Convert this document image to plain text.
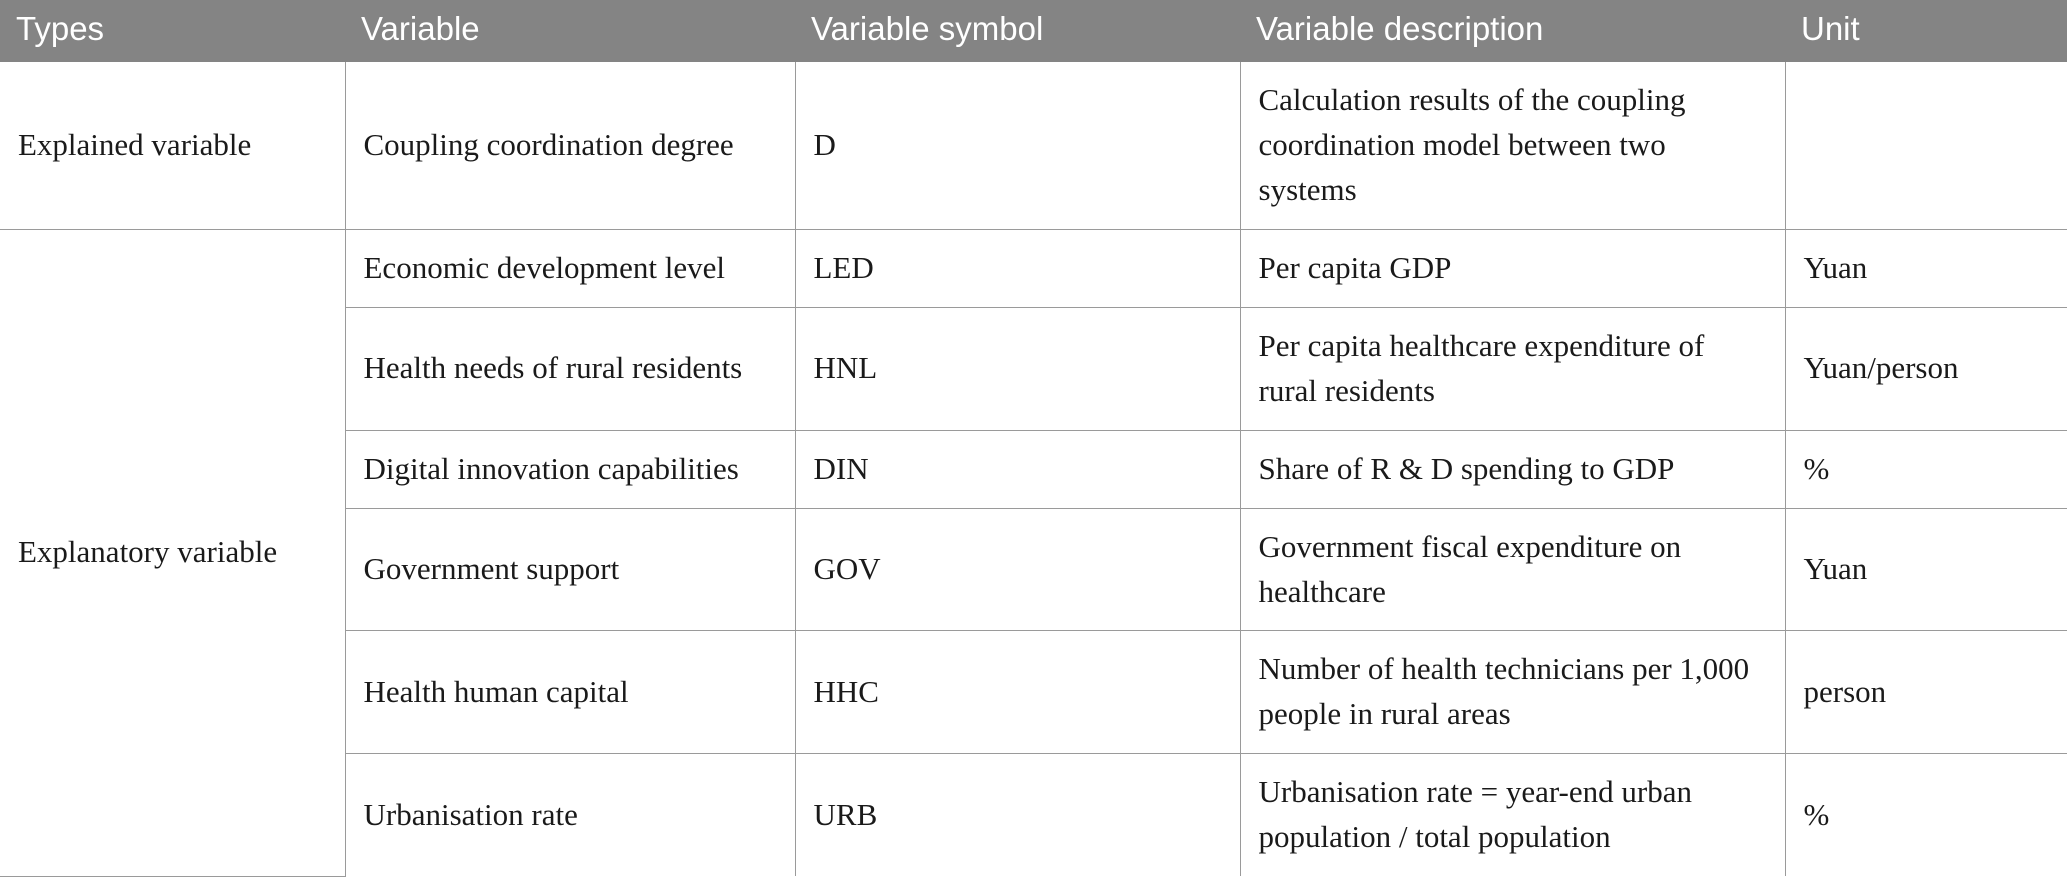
Types	Variable	Variable symbol	Variable description	Unit
Explained variable	Coupling coordination degree	D	Calculation results of the coupling coordination model between two systems	
Explanatory variable	Economic development level	LED	Per capita GDP	Yuan
	Health needs of rural residents	HNL	Per capita healthcare expenditure of rural residents	Yuan/person
	Digital innovation capabilities	DIN	Share of R & D spending to GDP	%
	Government support	GOV	Government fiscal expenditure on healthcare	Yuan
	Health human capital	HHC	Number of health technicians per 1,000 people in rural areas	person
	Urbanisation rate	URB	Urbanisation rate = year-end urban population / total population	%
